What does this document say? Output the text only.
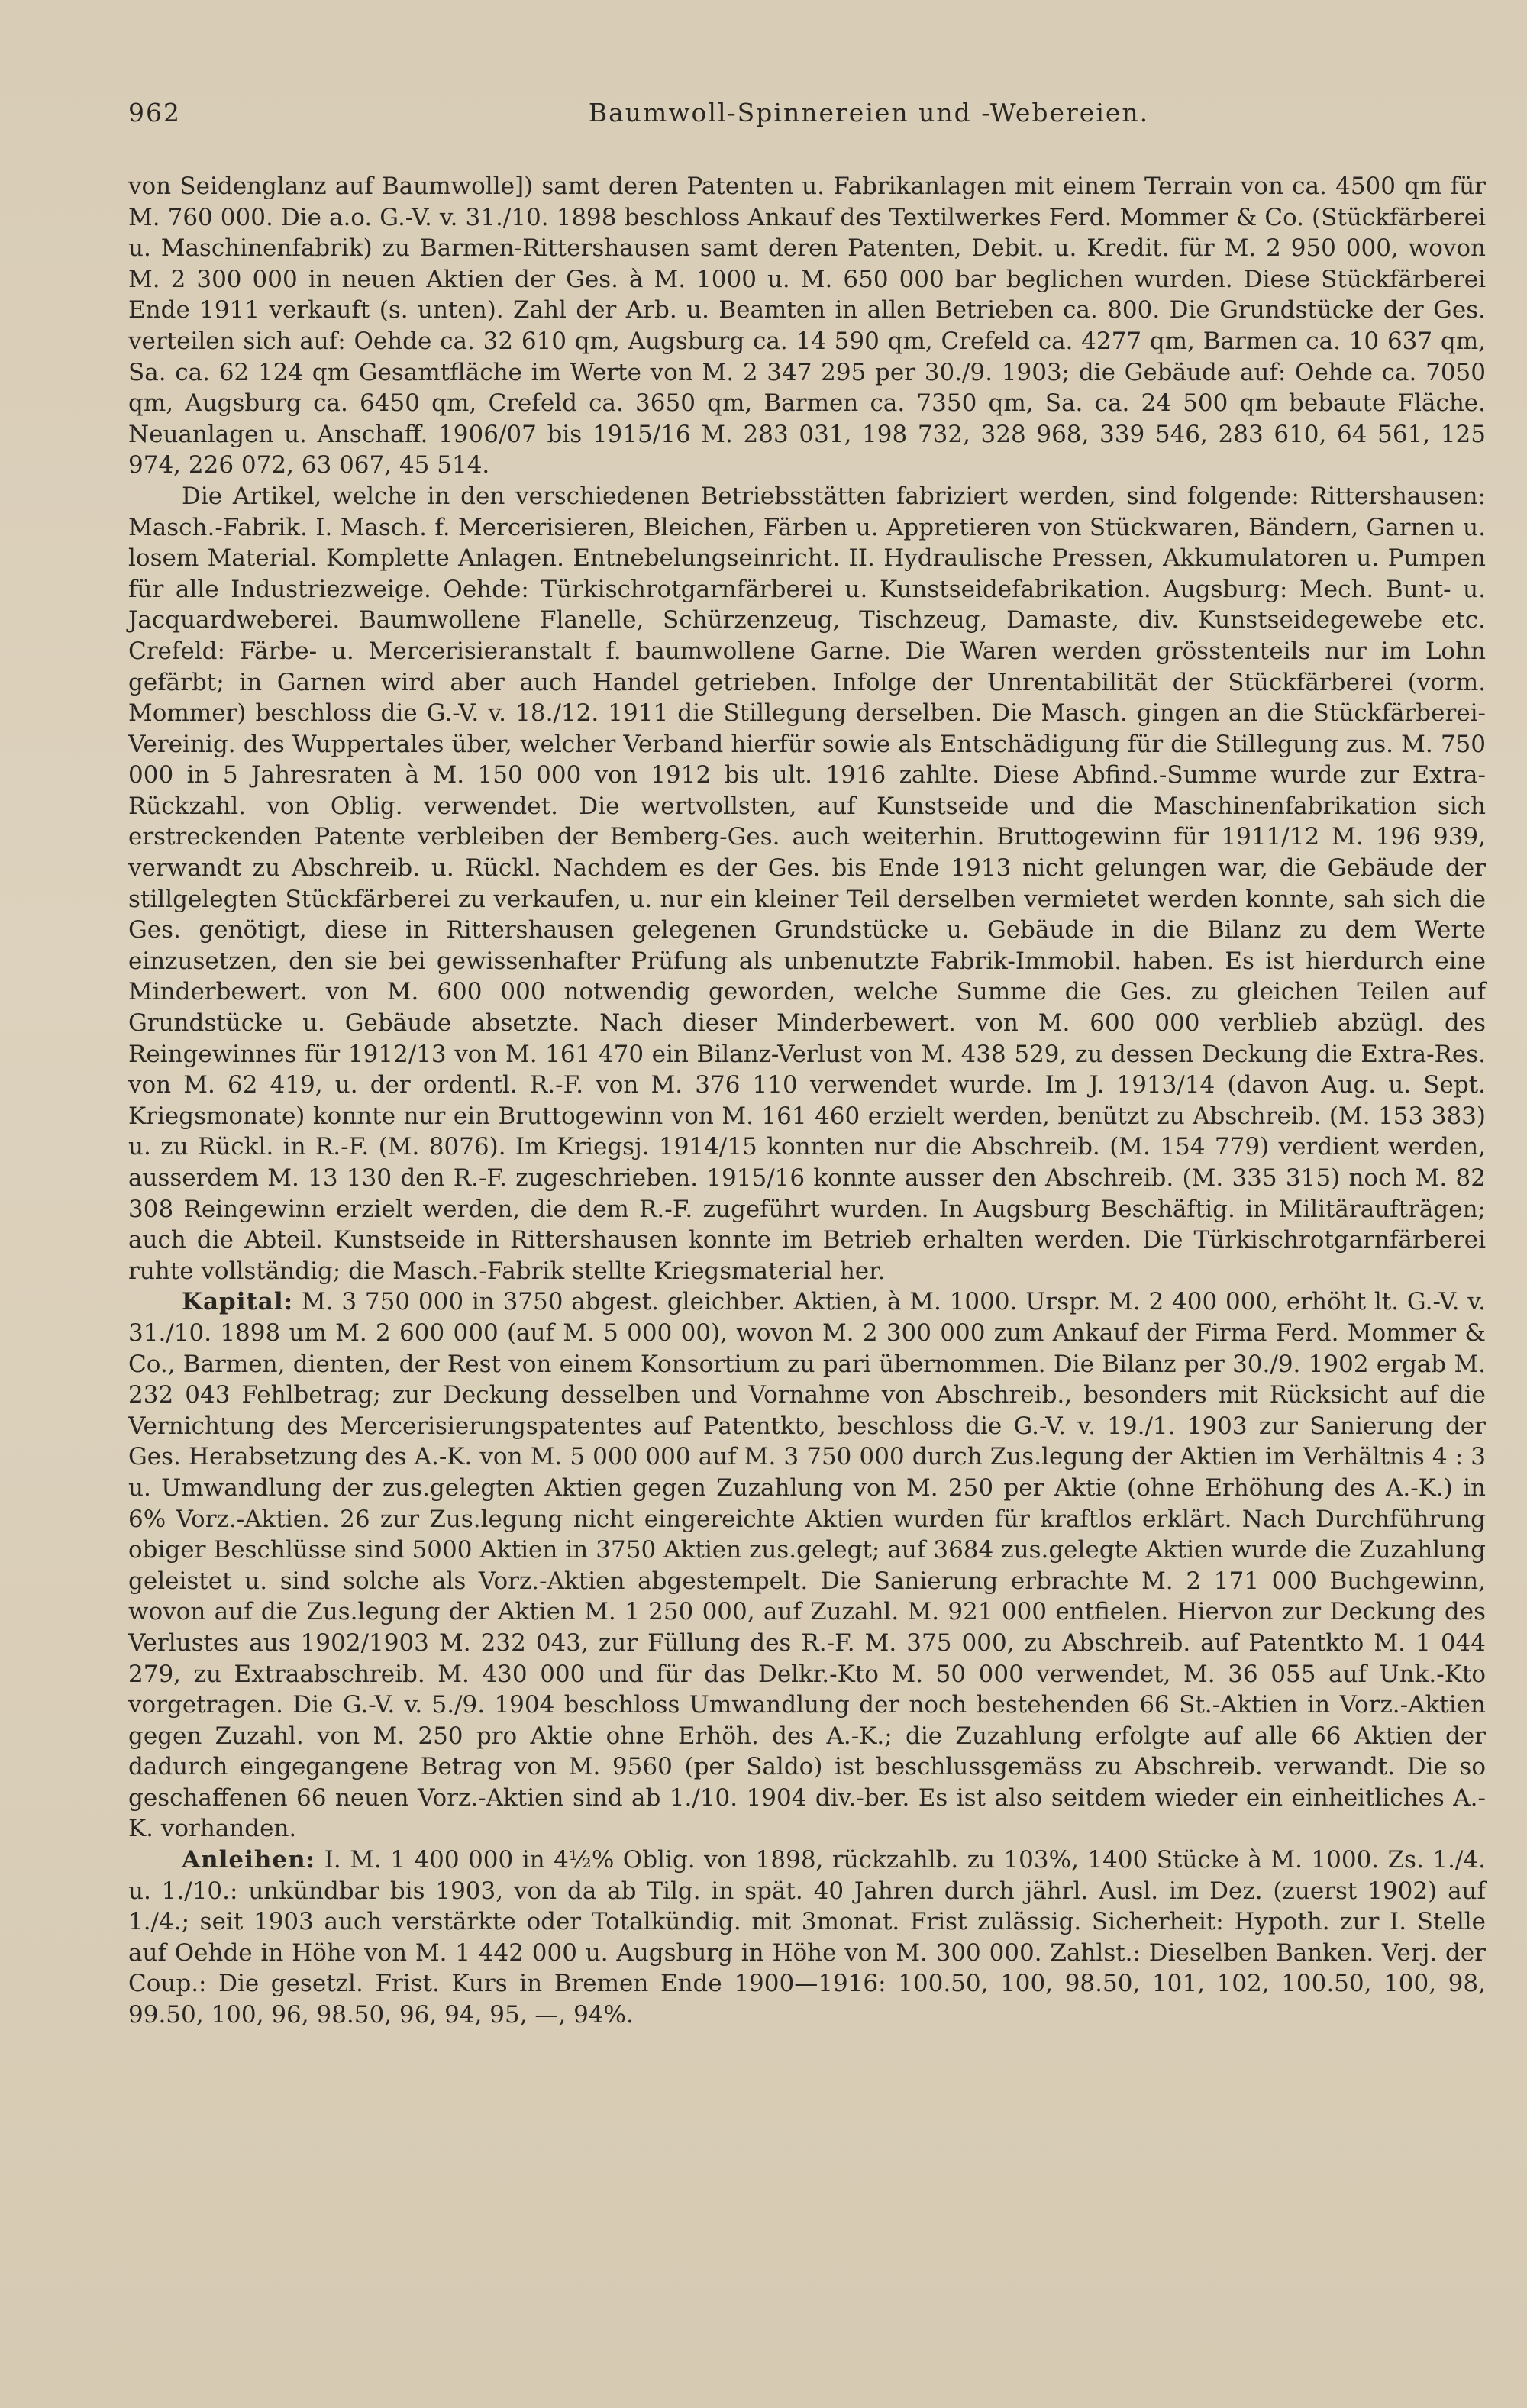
962	Baumwoll-Spinnereien und -Webereien.

von Seidenglanz auf Baumwolle]) samt deren Patenten u. Fabrikanlagen mit einem Terrain von ca. 4500 qm für M. 760 000. Die a.o. G.-V. v. 31./10. 1898 beschloss Ankauf des Textilwerkes Ferd. Mommer & Co. (Stückfärberei u. Maschinenfabrik) zu Barmen-Rittershausen samt deren Patenten, Debit. u. Kredit. für M. 2 950 000, wovon M. 2 300 000 in neuen Aktien der Ges. à M. 1000 u. M. 650 000 bar beglichen wurden. Diese Stückfärberei Ende 1911 verkauft (s. unten). Zahl der Arb. u. Beamten in allen Betrieben ca. 800. Die Grundstücke der Ges. verteilen sich auf: Oehde ca. 32 610 qm, Augsburg ca. 14 590 qm, Crefeld ca. 4277 qm, Barmen ca. 10 637 qm, Sa. ca. 62 124 qm Gesamtfläche im Werte von M. 2 347 295 per 30./9. 1903; die Gebäude auf: Oehde ca. 7050 qm, Augsburg ca. 6450 qm, Crefeld ca. 3650 qm, Barmen ca. 7350 qm, Sa. ca. 24 500 qm bebaute Fläche. Neuanlagen u. Anschaff. 1906/07 bis 1915/16 M. 283 031, 198 732, 328 968, 339 546, 283 610, 64 561, 125 974, 226 072, 63 067, 45 514.

Die Artikel, welche in den verschiedenen Betriebsstätten fabriziert werden, sind folgende: Rittershausen: Masch.-Fabrik. I. Masch. f. Mercerisieren, Bleichen, Färben u. Appretieren von Stückwaren, Bändern, Garnen u. losem Material. Komplette Anlagen. Entnebelungseinricht. II. Hydraulische Pressen, Akkumulatoren u. Pumpen für alle Industriezweige. Oehde: Türkischrotgarnfärberei u. Kunstseidefabrikation. Augsburg: Mech. Bunt- u. Jacquardweberei. Baumwollene Flanelle, Schürzenzeug, Tischzeug, Damaste, div. Kunstseidegewebe etc. Crefeld: Färbe- u. Mercerisieranstalt f. baumwollene Garne. Die Waren werden grösstenteils nur im Lohn gefärbt; in Garnen wird aber auch Handel getrieben. Infolge der Unrentabilität der Stückfärberei (vorm. Mommer) beschloss die G.-V. v. 18./12. 1911 die Stillegung derselben. Die Masch. gingen an die Stückfärberei-Vereinig. des Wuppertales über, welcher Verband hierfür sowie als Entschädigung für die Stillegung zus. M. 750 000 in 5 Jahresraten à M. 150 000 von 1912 bis ult. 1916 zahlte. Diese Abfind.-Summe wurde zur Extra-Rückzahl. von Oblig. verwendet. Die wertvollsten, auf Kunstseide und die Maschinenfabrikation sich erstreckenden Patente verbleiben der Bemberg-Ges. auch weiterhin. Bruttogewinn für 1911/12 M. 196 939, verwandt zu Abschreib. u. Rückl. Nachdem es der Ges. bis Ende 1913 nicht gelungen war, die Gebäude der stillgelegten Stückfärberei zu verkaufen, u. nur ein kleiner Teil derselben vermietet werden konnte, sah sich die Ges. genötigt, diese in Rittershausen gelegenen Grundstücke u. Gebäude in die Bilanz zu dem Werte einzusetzen, den sie bei gewissenhafter Prüfung als unbenutzte Fabrik-Immobil. haben. Es ist hierdurch eine Minderbewert. von M. 600 000 notwendig geworden, welche Summe die Ges. zu gleichen Teilen auf Grundstücke u. Gebäude absetzte. Nach dieser Minderbewert. von M. 600 000 verblieb abzügl. des Reingewinnes für 1912/13 von M. 161 470 ein Bilanz-Verlust von M. 438 529, zu dessen Deckung die Extra-Res. von M. 62 419, u. der ordentl. R.-F. von M. 376 110 verwendet wurde. Im J. 1913/14 (davon Aug. u. Sept. Kriegsmonate) konnte nur ein Bruttogewinn von M. 161 460 erzielt werden, benützt zu Abschreib. (M. 153 383) u. zu Rückl. in R.-F. (M. 8076). Im Kriegsj. 1914/15 konnten nur die Abschreib. (M. 154 779) verdient werden, ausserdem M. 13 130 den R.-F. zugeschrieben. 1915/16 konnte ausser den Abschreib. (M. 335 315) noch M. 82 308 Reingewinn erzielt werden, die dem R.-F. zugeführt wurden. In Augsburg Beschäftig. in Militäraufträgen; auch die Abteil. Kunstseide in Rittershausen konnte im Betrieb erhalten werden. Die Türkischrotgarnfärberei ruhte vollständig; die Masch.-Fabrik stellte Kriegsmaterial her.

Kapital: M. 3 750 000 in 3750 abgest. gleichber. Aktien, à M. 1000. Urspr. M. 2 400 000, erhöht lt. G.-V. v. 31./10. 1898 um M. 2 600 000 (auf M. 5 000 00), wovon M. 2 300 000 zum Ankauf der Firma Ferd. Mommer & Co., Barmen, dienten, der Rest von einem Konsortium zu pari übernommen. Die Bilanz per 30./9. 1902 ergab M. 232 043 Fehlbetrag; zur Deckung desselben und Vornahme von Abschreib., besonders mit Rücksicht auf die Vernichtung des Mercerisierungspatentes auf Patentkto, beschloss die G.-V. v. 19./1. 1903 zur Sanierung der Ges. Herabsetzung des A.-K. von M. 5 000 000 auf M. 3 750 000 durch Zus.legung der Aktien im Verhältnis 4 : 3 u. Umwandlung der zus.gelegten Aktien gegen Zuzahlung von M. 250 per Aktie (ohne Erhöhung des A.-K.) in 6% Vorz.-Aktien. 26 zur Zus.legung nicht eingereichte Aktien wurden für kraftlos erklärt. Nach Durchführung obiger Beschlüsse sind 5000 Aktien in 3750 Aktien zus.gelegt; auf 3684 zus.gelegte Aktien wurde die Zuzahlung geleistet u. sind solche als Vorz.-Aktien abgestempelt. Die Sanierung erbrachte M. 2 171 000 Buchgewinn, wovon auf die Zus.legung der Aktien M. 1 250 000, auf Zuzahl. M. 921 000 entfielen. Hiervon zur Deckung des Verlustes aus 1902/1903 M. 232 043, zur Füllung des R.-F. M. 375 000, zu Abschreib. auf Patentkto M. 1 044 279, zu Extraabschreib. M. 430 000 und für das Delkr.-Kto M. 50 000 verwendet, M. 36 055 auf Unk.-Kto vorgetragen. Die G.-V. v. 5./9. 1904 beschloss Umwandlung der noch bestehenden 66 St.-Aktien in Vorz.-Aktien gegen Zuzahl. von M. 250 pro Aktie ohne Erhöh. des A.-K.; die Zuzahlung erfolgte auf alle 66 Aktien der dadurch eingegangene Betrag von M. 9560 (per Saldo) ist beschlussgemäss zu Abschreib. verwandt. Die so geschaffenen 66 neuen Vorz.-Aktien sind ab 1./10. 1904 div.-ber. Es ist also seitdem wieder ein einheitliches A.-K. vorhanden.

Anleihen: I. M. 1 400 000 in 4½% Oblig. von 1898, rückzahlb. zu 103%, 1400 Stücke à M. 1000. Zs. 1./4. u. 1./10.: unkündbar bis 1903, von da ab Tilg. in spät. 40 Jahren durch jährl. Ausl. im Dez. (zuerst 1902) auf 1./4.; seit 1903 auch verstärkte oder Totalkündig. mit 3monat. Frist zulässig. Sicherheit: Hypoth. zur I. Stelle auf Oehde in Höhe von M. 1 442 000 u. Augsburg in Höhe von M. 300 000. Zahlst.: Dieselben Banken. Verj. der Coup.: Die gesetzl. Frist. Kurs in Bremen Ende 1900—1916: 100.50, 100, 98.50, 101, 102, 100.50, 100, 98, 99.50, 100, 96, 98.50, 96, 94, 95, —, 94%.
